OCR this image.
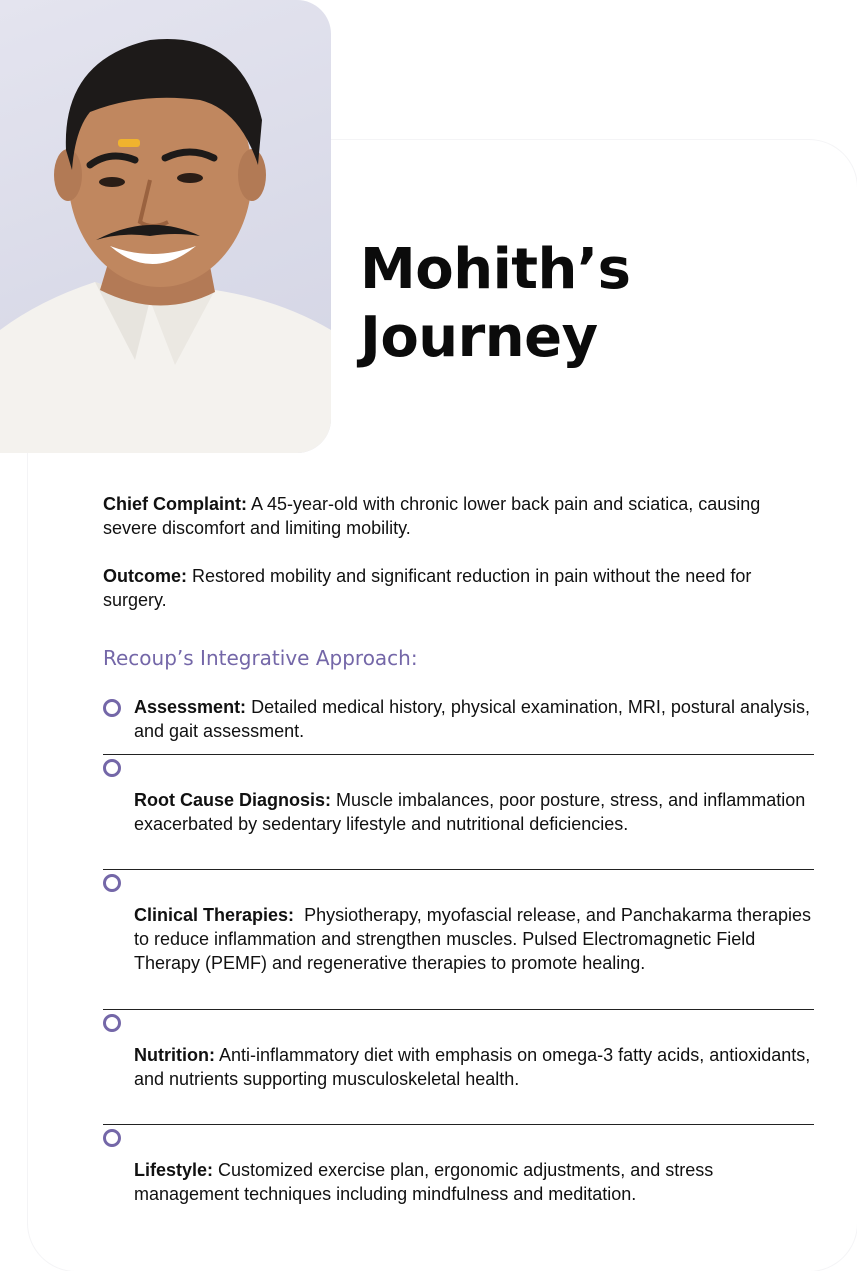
Mohith’s
Journey

Chief Complaint: A 45-year-old with chronic lower back pain and sciatica, causing severe discomfort and limiting mobility.

Outcome: Restored mobility and significant reduction in pain without the need for surgery.

Recoup’s Integrative Approach:
Assessment: Detailed medical history, physical examination, MRI, postural analysis, and gait assessment.
Root Cause Diagnosis: Muscle imbalances, poor posture, stress, and inflammation exacerbated by sedentary lifestyle and nutritional deficiencies.
Clinical Therapies:  Physiotherapy, myofascial release, and Panchakarma therapies to reduce inflammation and strengthen muscles. Pulsed Electromagnetic Field Therapy (PEMF) and regenerative therapies to promote healing.
Nutrition: Anti-inflammatory diet with emphasis on omega-3 fatty acids, antioxidants, and nutrients supporting musculoskeletal health.
Lifestyle: Customized exercise plan, ergonomic adjustments, and stress management techniques including mindfulness and meditation.
